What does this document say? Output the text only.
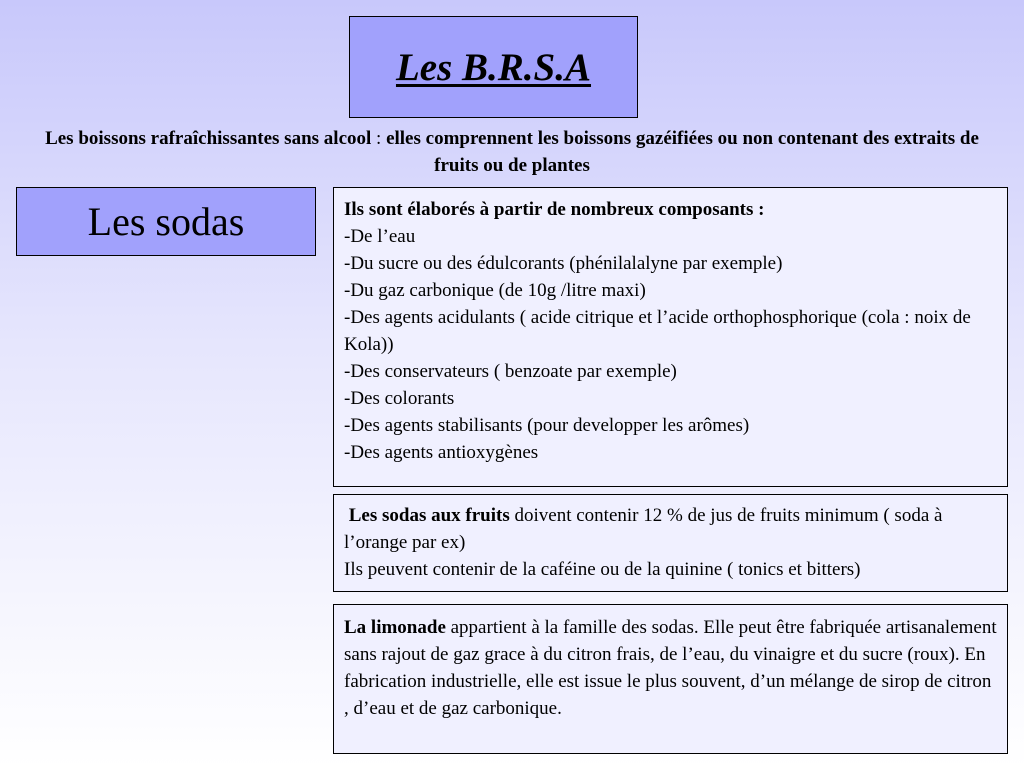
Les B.R.S.A
Les boissons rafraîchissantes sans alcool : elles comprennent les boissons gazéifiées ou non contenant des extraits de fruits ou de plantes
Les sodas	Ils sont élaborés à partir de nombreux composants :

-De l’eau

-Du sucre ou des édulcorants (phénilalalyne par exemple)

-Du gaz carbonique (de 10g /litre maxi)

-Des agents acidulants ( acide citrique et l’acide orthophosphorique (cola : noix de Kola))

-Des conservateurs ( benzoate par exemple)

-Des colorants

-Des agents stabilisants (pour developper les arômes)

-Des agents antioxygènes

Les sodas aux fruits doivent contenir 12 % de jus de fruits minimum ( soda à l’orange par ex)

Ils peuvent contenir de la caféine ou de la quinine ( tonics et bitters)

La limonade appartient à la famille des sodas. Elle peut être fabriquée artisanalement sans rajout de gaz grace à du citron frais, de l’eau, du vinaigre et du sucre (roux). En fabrication industrielle, elle est issue le plus souvent, d’un mélange de sirop de citron , d’eau et de gaz carbonique.
